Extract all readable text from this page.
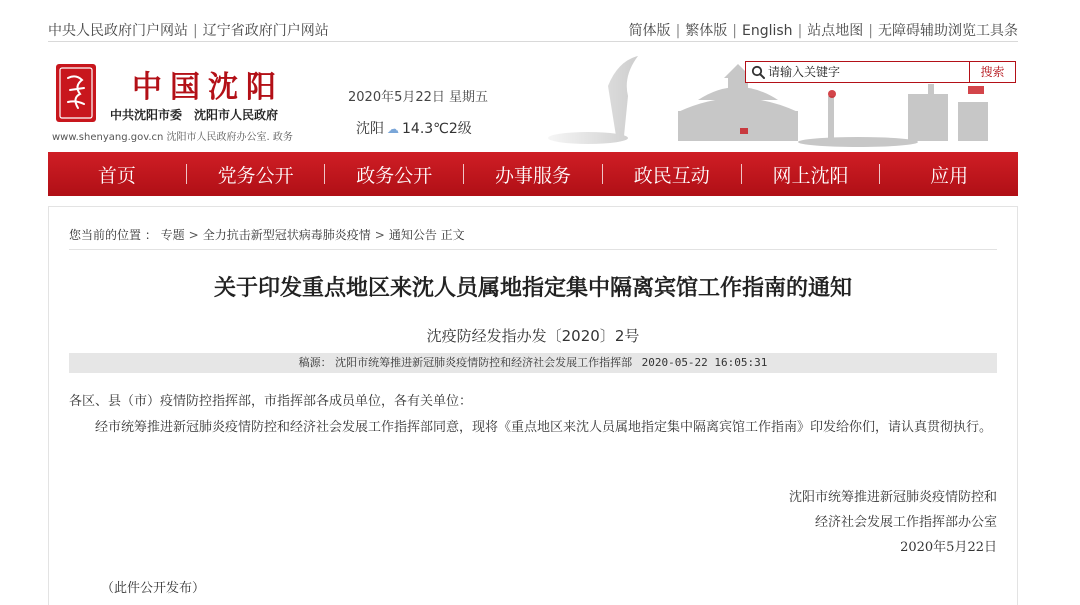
中央人民政府门户网站 | 辽宁省政府门户网站	简体版 | 繁体版 | English | 站点地图 | 无障碍辅助浏览工具条
中国沈阳
中共沈阳市委　沈阳市人民政府
www.shenyang.gov.cn 沈阳市人民政府办公室. 政务
2020年5月22日 星期五
沈阳 ☁ 14.3℃2级
请输入关键字
搜索
首页	党务公开	政务公开	办事服务	政民互动	网上沈阳	应用
您当前的位置 ： 专题 > 全力抗击新型冠状病毒肺炎疫情 > 通知公告 正文
关于印发重点地区来沈人员属地指定集中隔离宾馆工作指南的通知
沈疫防经发指办发〔2020〕2号
稿源： 沈阳市统筹推进新冠肺炎疫情防控和经济社会发展工作指挥部 2020-05-22 16:05:31

各区、县（市）疫情防控指挥部，市指挥部各成员单位，各有关单位：

经市统筹推进新冠肺炎疫情防控和经济社会发展工作指挥部同意，现将《重点地区来沈人员属地指定集中隔离宾馆工作指南》印发给你们，请认真贯彻执行。

沈阳市统筹推进新冠肺炎疫情防控和
经济社会发展工作指挥部办公室
2020年5月22日
（此件公开发布）
